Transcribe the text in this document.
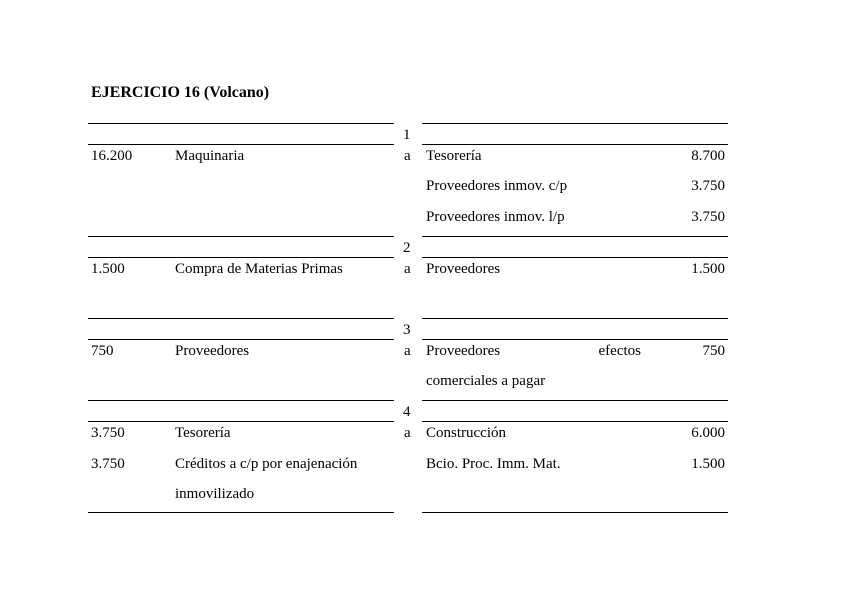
EJERCICIO 16 (Volcano)
1
16.200	Maquinaria	a Tesorería	8.700
Proveedores inmov. c/p	3.750
Proveedores inmov. l/p	3.750
2
1.500	Compra de Materias Primas	a Proveedores	1.500
3
750	Proveedores	a Proveedores	efectos	750
comerciales a pagar
4
3.750	Tesorería	a Construcción	6.000
3.750	Créditos a c/p por enajenación	Bcio. Proc. Imm. Mat.	1.500
inmovilizado
